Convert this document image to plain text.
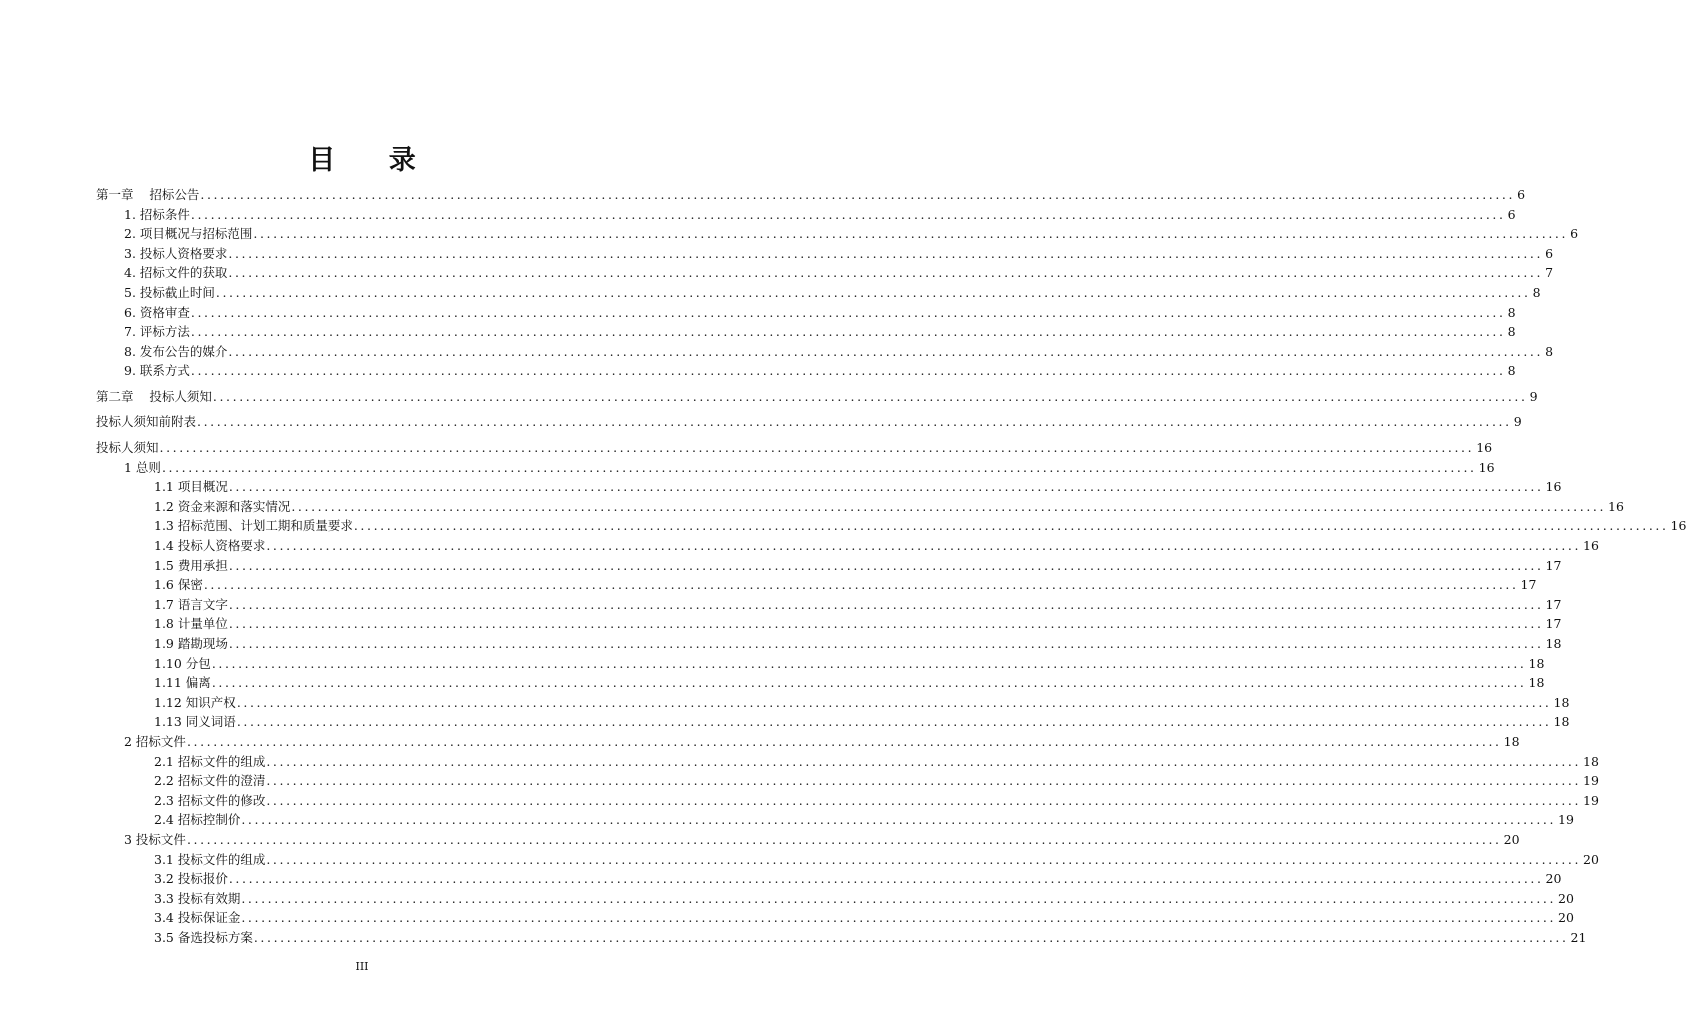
目 录
第一章    招标公告 ........................................................................................................................................................................................................ 6
1. 招标条件 ........................................................................................................................................................................................................ 6
2. 项目概况与招标范围 ........................................................................................................................................................................................................ 6
3. 投标人资格要求 ........................................................................................................................................................................................................ 6
4. 招标文件的获取 ........................................................................................................................................................................................................ 7
5. 投标截止时间 ........................................................................................................................................................................................................ 8
6. 资格审查 ........................................................................................................................................................................................................ 8
7. 评标方法 ........................................................................................................................................................................................................ 8
8. 发布公告的媒介 ........................................................................................................................................................................................................ 8
9. 联系方式 ........................................................................................................................................................................................................ 8
第二章    投标人须知 ........................................................................................................................................................................................................ 9
投标人须知前附表 ........................................................................................................................................................................................................ 9
投标人须知 ........................................................................................................................................................................................................ 16
1 总则 ........................................................................................................................................................................................................ 16
1.1 项目概况 ........................................................................................................................................................................................................ 16
1.2 资金来源和落实情况 ........................................................................................................................................................................................................ 16
1.3 招标范围、计划工期和质量要求 ........................................................................................................................................................................................................ 16
1.4 投标人资格要求 ........................................................................................................................................................................................................ 16
1.5 费用承担 ........................................................................................................................................................................................................ 17
1.6 保密 ........................................................................................................................................................................................................ 17
1.7 语言文字 ........................................................................................................................................................................................................ 17
1.8 计量单位 ........................................................................................................................................................................................................ 17
1.9 踏勘现场 ........................................................................................................................................................................................................ 18
1.10 分包 ........................................................................................................................................................................................................ 18
1.11 偏离 ........................................................................................................................................................................................................ 18
1.12 知识产权 ........................................................................................................................................................................................................ 18
1.13 同义词语 ........................................................................................................................................................................................................ 18
2 招标文件 ........................................................................................................................................................................................................ 18
2.1 招标文件的组成 ........................................................................................................................................................................................................ 18
2.2 招标文件的澄清 ........................................................................................................................................................................................................ 19
2.3 招标文件的修改 ........................................................................................................................................................................................................ 19
2.4 招标控制价 ........................................................................................................................................................................................................ 19
3 投标文件 ........................................................................................................................................................................................................ 20
3.1 投标文件的组成 ........................................................................................................................................................................................................ 20
3.2 投标报价 ........................................................................................................................................................................................................ 20
3.3 投标有效期 ........................................................................................................................................................................................................ 20
3.4 投标保证金 ........................................................................................................................................................................................................ 20
3.5 备选投标方案 ........................................................................................................................................................................................................ 21
III
